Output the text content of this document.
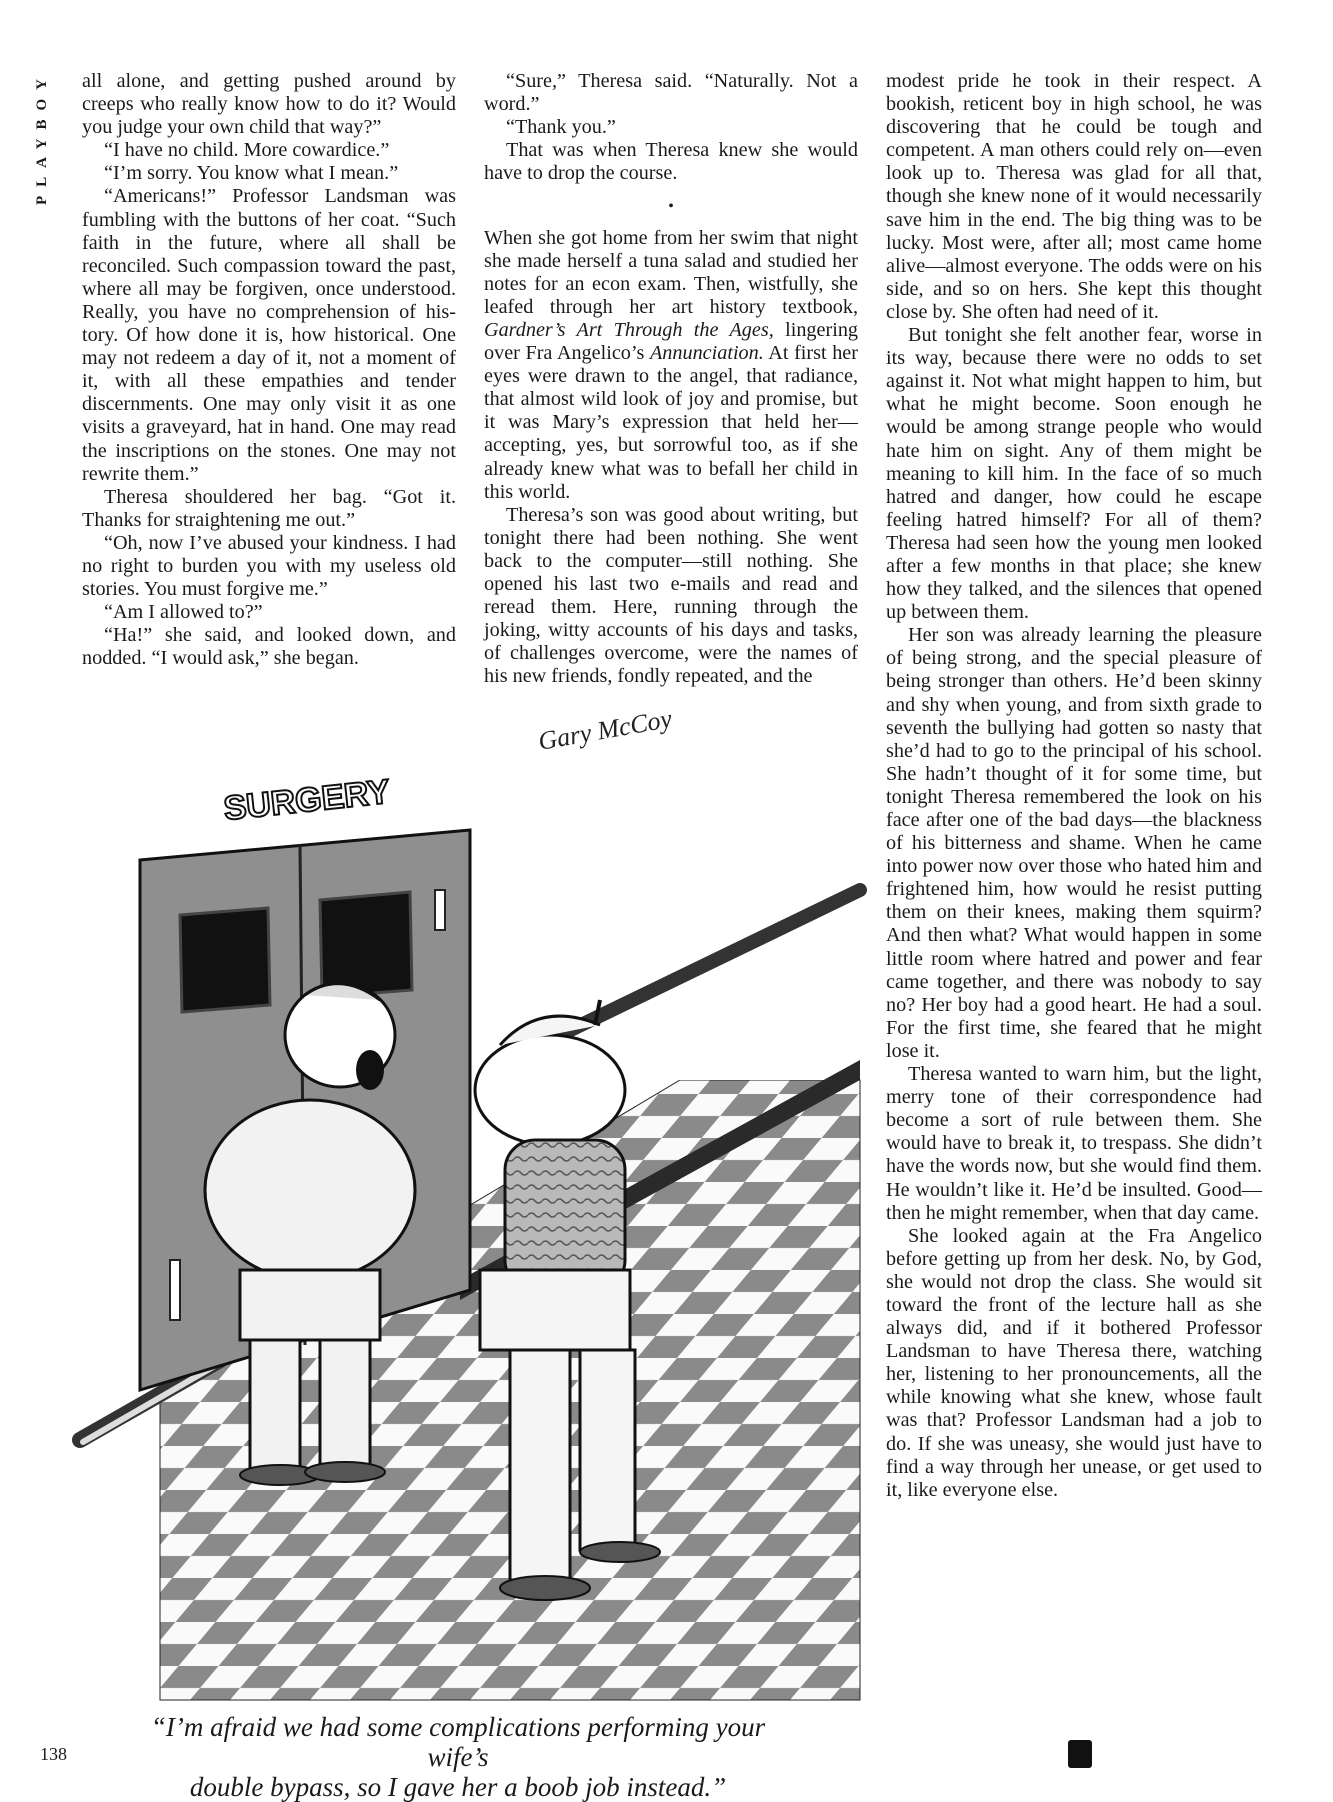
PLAYBOY all alone, and getting pushed around by creeps who really know how to do it? Would you judge your own child that way?”

“I have no child. More cowardice.”

“I’m sorry. You know what I mean.”

“Americans!” Professor Landsman was fumbling with the buttons of her coat. “Such faith in the future, where all shall be reconciled. Such compassion toward the past, where all may be forgiven, once understood. Really, you have no comprehension of history. Of how done it is, how historical. One may not redeem a day of it, not a moment of it, with all these empathies and tender discernments. One may only visit it as one visits a graveyard, hat in hand. One may read the inscriptions on the stones. One may not rewrite them.”

Theresa shouldered her bag. “Got it. Thanks for straightening me out.”

“Oh, now I’ve abused your kindness. I had no right to burden you with my useless old stories. You must forgive me.”

“Am I allowed to?”

“Ha!” she said, and looked down, and nodded. “I would ask,” she began.

“Sure,” Theresa said. “Naturally. Not a word.”

“Thank you.”

That was when Theresa knew she would have to drop the course.

•

When she got home from her swim that night she made herself a tuna salad and studied her notes for an econ exam. Then, wistfully, she leafed through her art history textbook, Gardner’s Art Through the Ages, lingering over Fra Angelico’s Annunciation. At first her eyes were drawn to the angel, that radiance, that almost wild look of joy and promise, but it was Mary’s expression that held her—accepting, yes, but sorrowful too, as if she already knew what was to befall her child in this world.

Theresa’s son was good about writing, but tonight there had been nothing. She went back to the computer—still nothing. She opened his last two e-mails and read and reread them. Here, running through the joking, witty accounts of his days and tasks, of challenges overcome, were the names of his new friends, fondly repeated, and the

modest pride he took in their respect. A bookish, reticent boy in high school, he was discovering that he could be tough and competent. A man others could rely on—even look up to. Theresa was glad for all that, though she knew none of it would necessarily save him in the end. The big thing was to be lucky. Most were, after all; most came home alive—almost everyone. The odds were on his side, and so on hers. She kept this thought close by. She often had need of it.

But tonight she felt another fear, worse in its way, because there were no odds to set against it. Not what might happen to him, but what he might become. Soon enough he would be among strange people who would hate him on sight. Any of them might be meaning to kill him. In the face of so much hatred and danger, how could he escape feeling hatred himself? For all of them? Theresa had seen how the young men looked after a few months in that place; she knew how they talked, and the silences that opened up between them.

Her son was already learning the pleasure of being strong, and the special pleasure of being stronger than others. He’d been skinny and shy when young, and from sixth grade to seventh the bullying had gotten so nasty that she’d had to go to the principal of his school. She hadn’t thought of it for some time, but tonight Theresa remembered the look on his face after one of the bad days—the blackness of his bitterness and shame. When he came into power now over those who hated him and frightened him, how would he resist putting them on their knees, making them squirm? And then what? What would happen in some little room where hatred and power and fear came together, and there was nobody to say no? Her boy had a good heart. He had a soul. For the first time, she feared that he might lose it.

Theresa wanted to warn him, but the light, merry tone of their correspondence had become a sort of rule between them. She would have to break it, to trespass. She didn’t have the words now, but she would find them. He wouldn’t like it. He’d be insulted. Good—then he might remember, when that day came.

She looked again at the Fra Angelico before getting up from her desk. No, by God, she would not drop the class. She would sit toward the front of the lecture hall as she always did, and if it bothered Professor Landsman to have Theresa there, watching her, listening to her pronouncements, all the while knowing what she knew, whose fault was that? Professor Landsman had a job to do. If she was uneasy, she would just have to find a way through her unease, or get used to it, like everyone else.

SURGERY
Gary McCoy
“I’m afraid we had some complications performing your wife’s
double bypass, so I gave her a boob job instead.”
138
